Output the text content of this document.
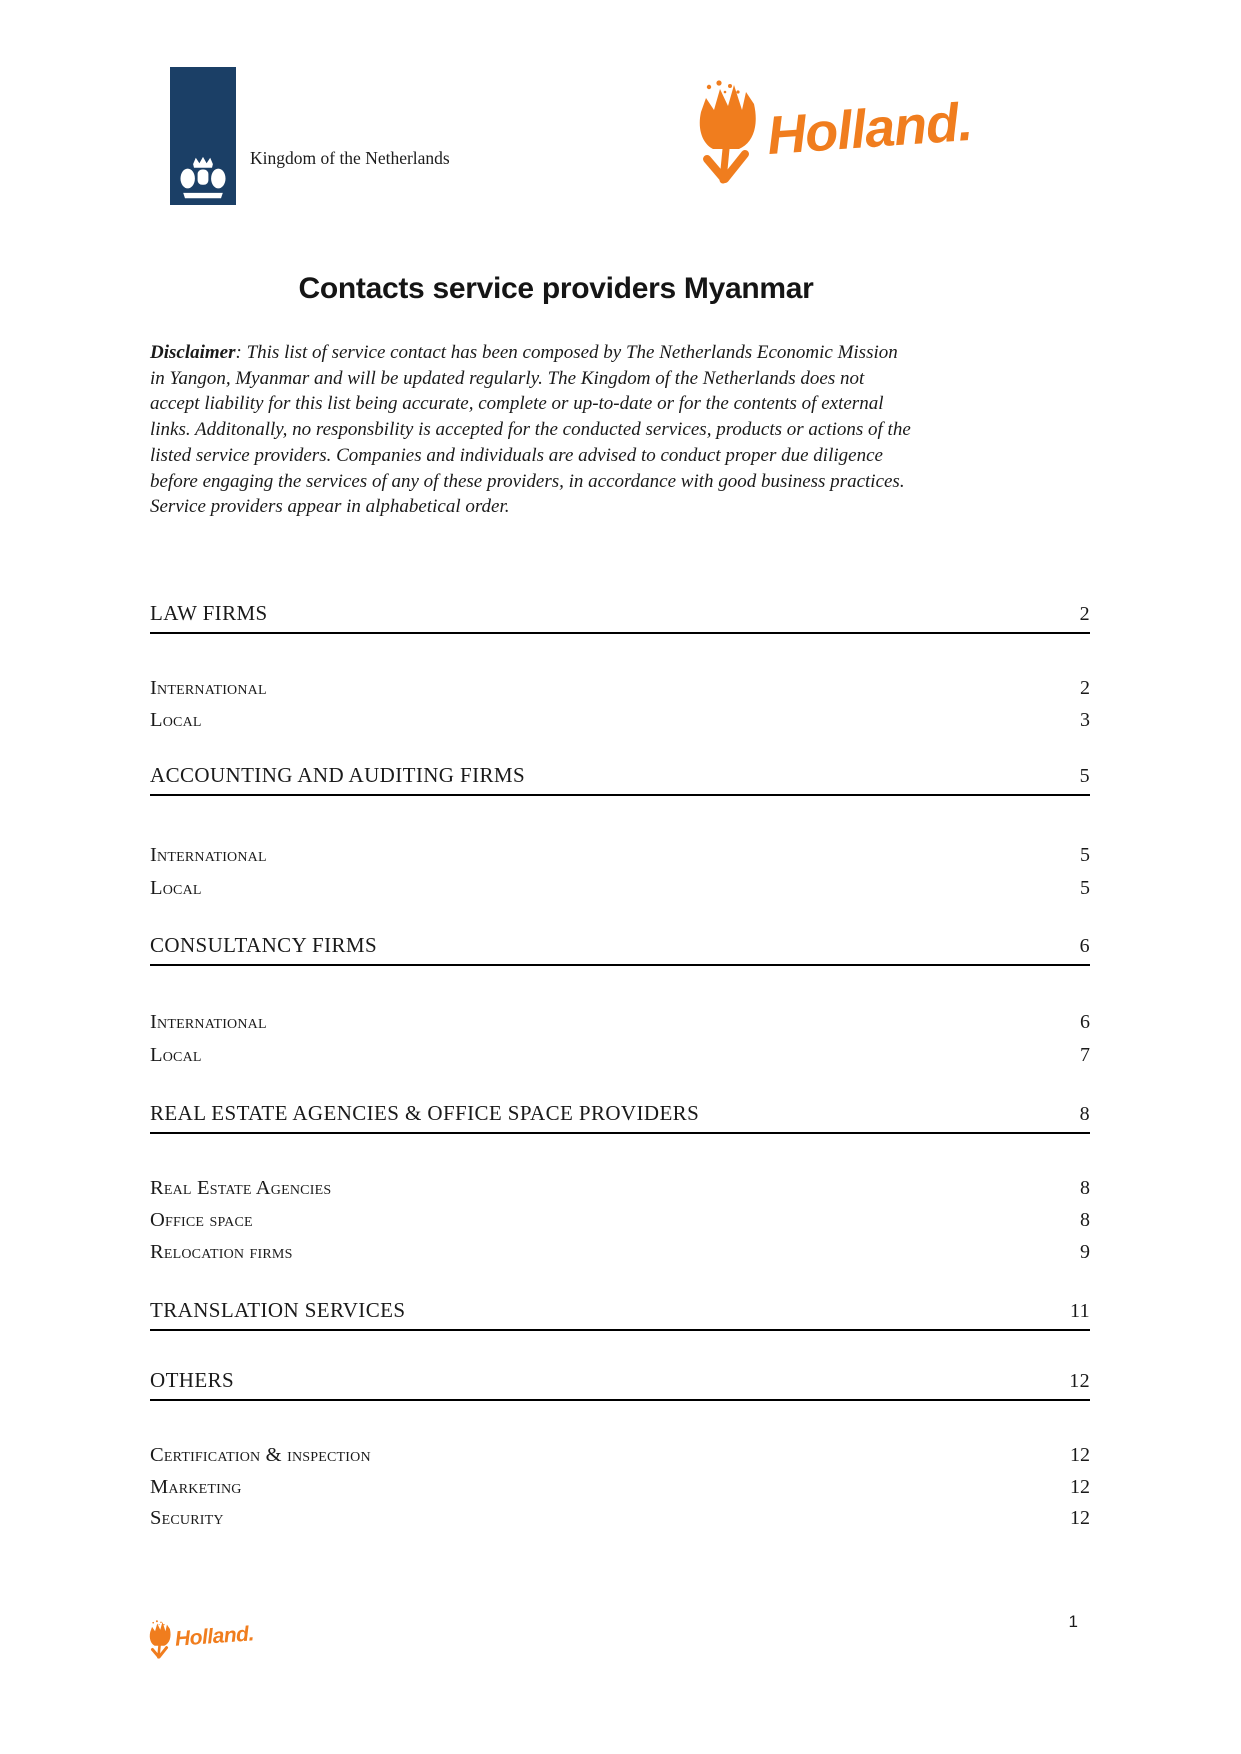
Kingdom of the Netherlands	Holland.
Contacts service providers Myanmar
Disclaimer: This list of service contact has been composed by The Netherlands Economic Mission
in Yangon, Myanmar and will be updated regularly. The Kingdom of the Netherlands does not
accept liability for this list being accurate, complete or up-to-date or for the contents of external
links. Additonally, no responsbility is accepted for the conducted services, products or actions of the
listed service providers. Companies and individuals are advised to conduct proper due diligence
before engaging the services of any of these providers, in accordance with good business practices.
Service providers appear in alphabetical order.
LAW FIRMS	2
International	2
Local	3
ACCOUNTING AND AUDITING FIRMS	5
International	5
Local	5
CONSULTANCY FIRMS	6
International	6
Local	7
REAL ESTATE AGENCIES & OFFICE SPACE PROVIDERS	8
Real Estate Agencies	8
Office space	8
Relocation firms	9
TRANSLATION SERVICES	11
OTHERS	12
Certification & inspection	12
Marketing	12
Security	12
Holland.
1
